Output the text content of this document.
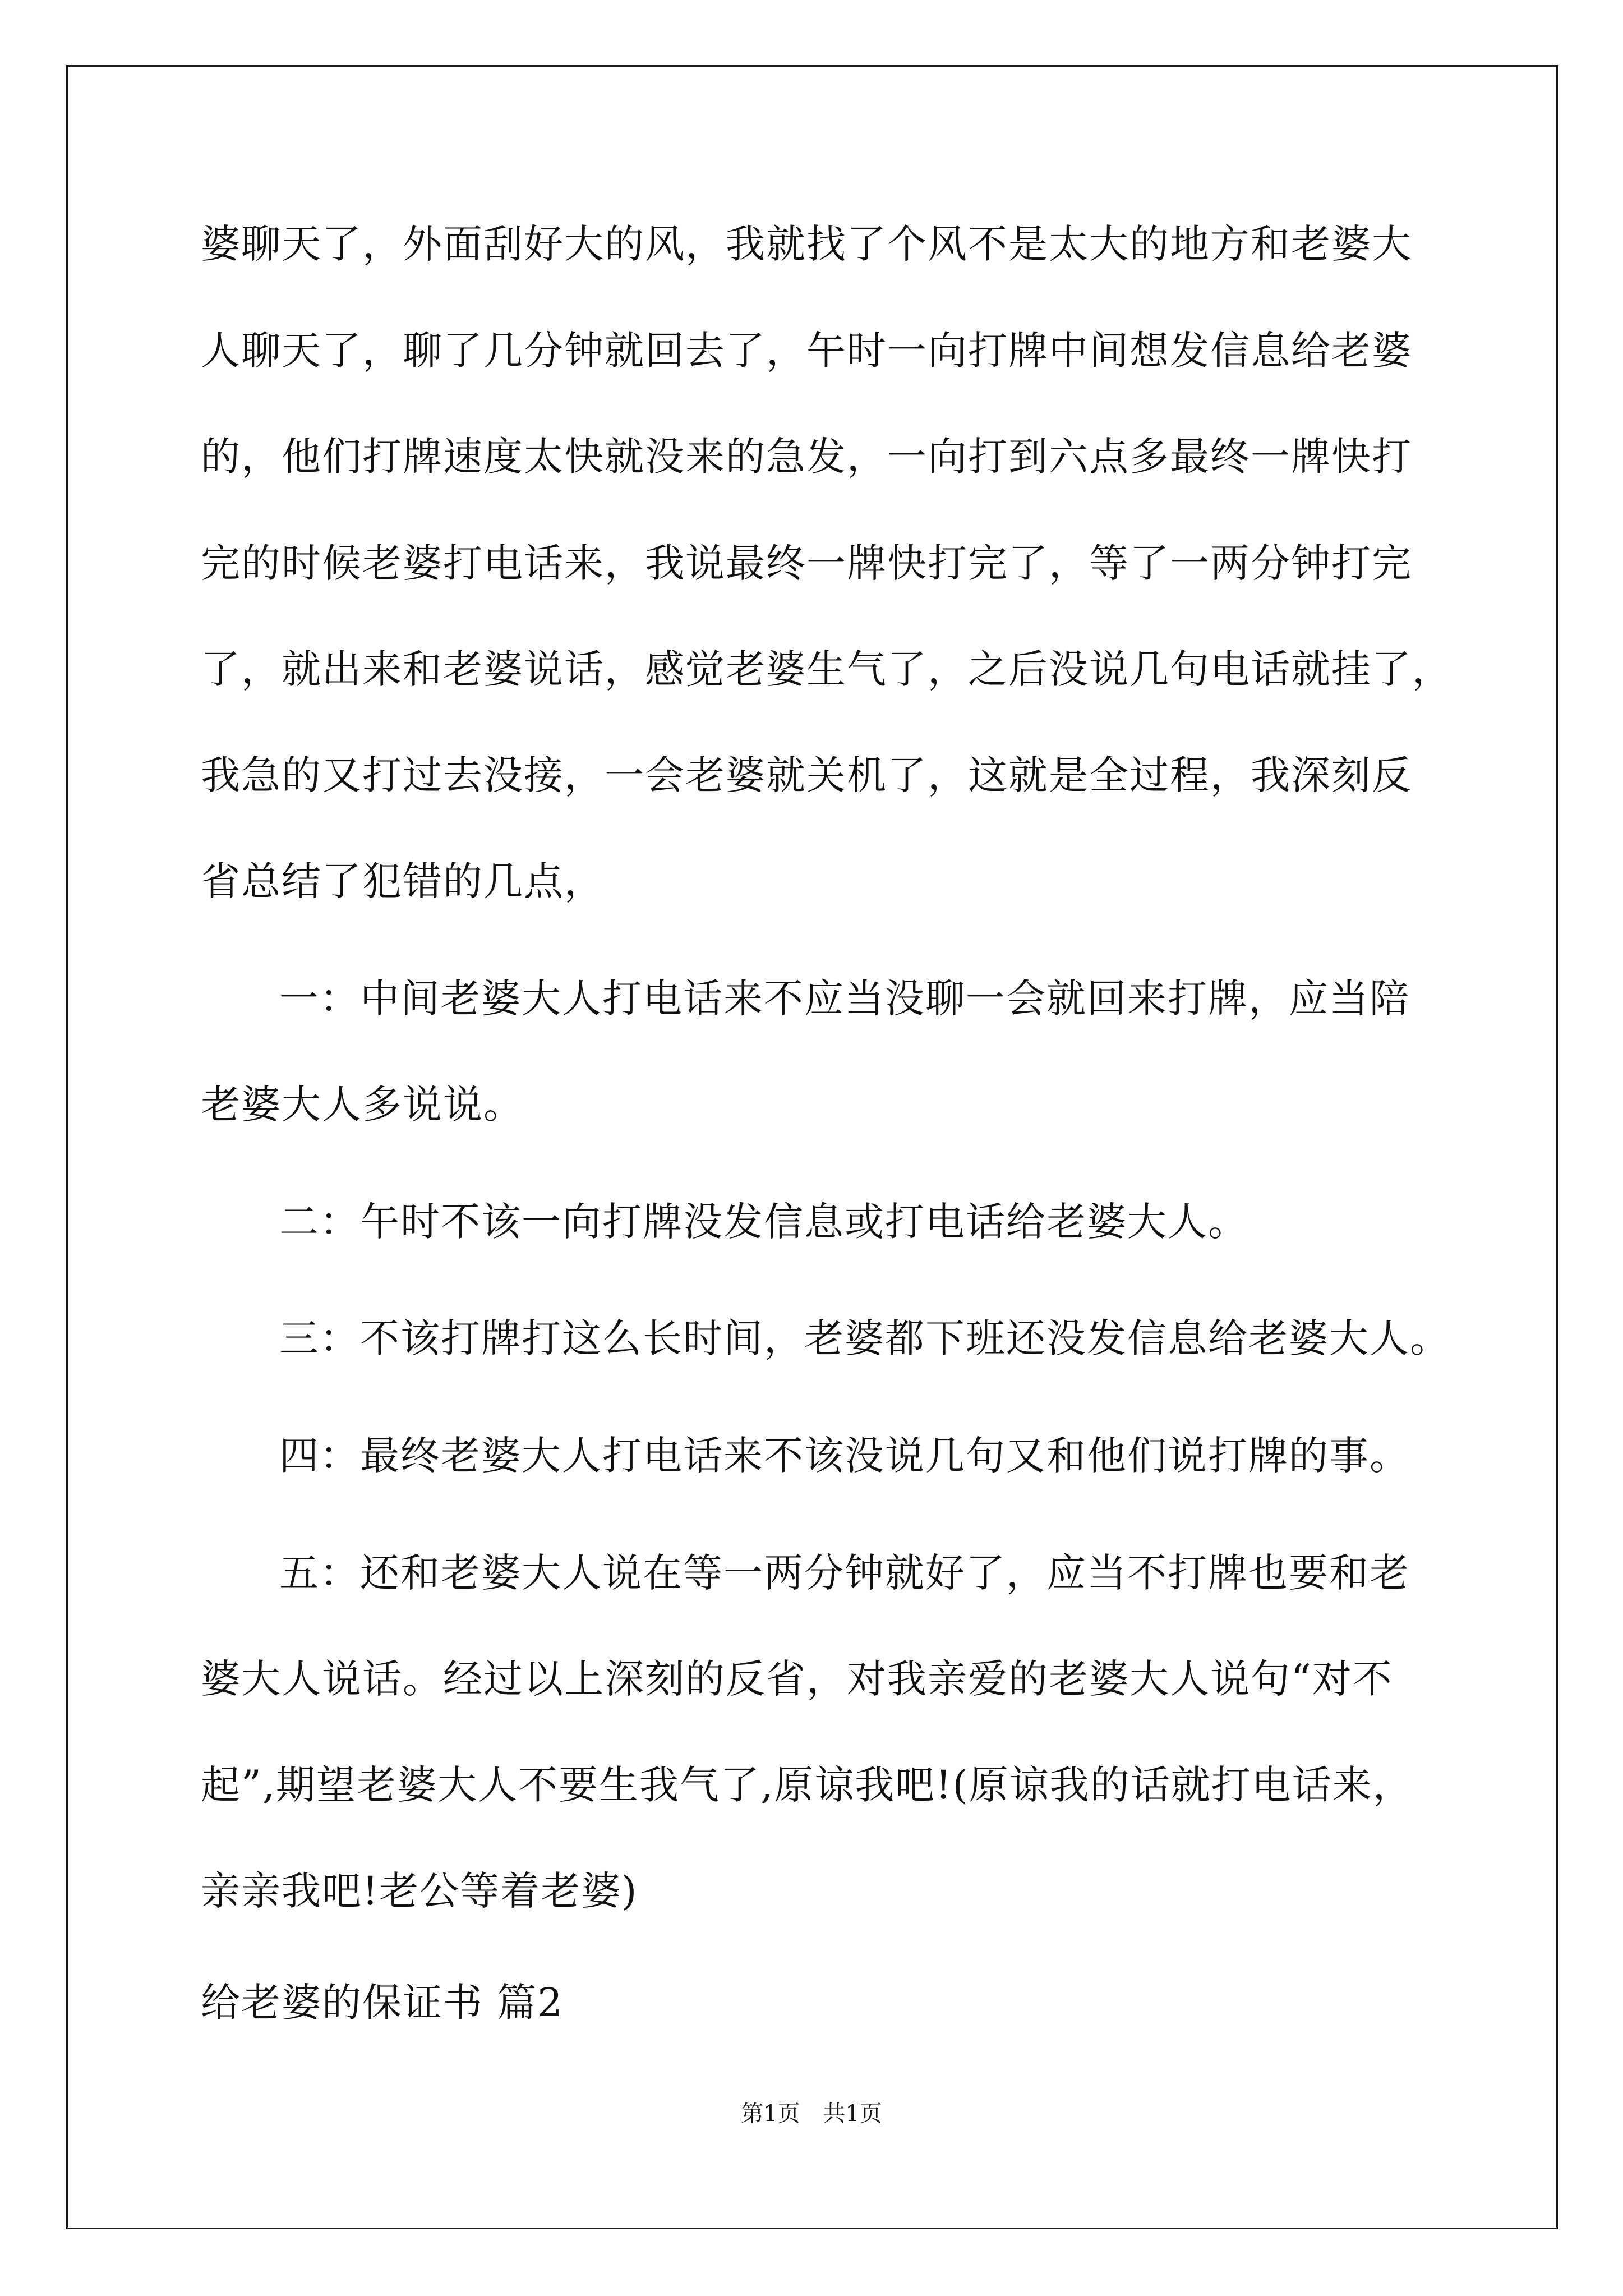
婆聊天了，外面刮好大的风，我就找了个风不是太大的地方和老婆大
人聊天了，聊了几分钟就回去了，午时一向打牌中间想发信息给老婆
的，他们打牌速度太快就没来的急发，一向打到六点多最终一牌快打
完的时候老婆打电话来，我说最终一牌快打完了，等了一两分钟打完
了，就出来和老婆说话，感觉老婆生气了，之后没说几句电话就挂了，
我急的又打过去没接，一会老婆就关机了，这就是全过程，我深刻反
省总结了犯错的几点，
一：中间老婆大人打电话来不应当没聊一会就回来打牌，应当陪
老婆大人多说说。
二：午时不该一向打牌没发信息或打电话给老婆大人。
三：不该打牌打这么长时间，老婆都下班还没发信息给老婆大人。
四：最终老婆大人打电话来不该没说几句又和他们说打牌的事。
五：还和老婆大人说在等一两分钟就好了，应当不打牌也要和老
婆大人说话。经过以上深刻的反省，对我亲爱的老婆大人说句“对不
起”,期望老婆大人不要生我气了,原谅我吧!(原谅我的话就打电话来，
亲亲我吧!老公等着老婆)
给老婆的保证书 篇2
第1页 共1页
